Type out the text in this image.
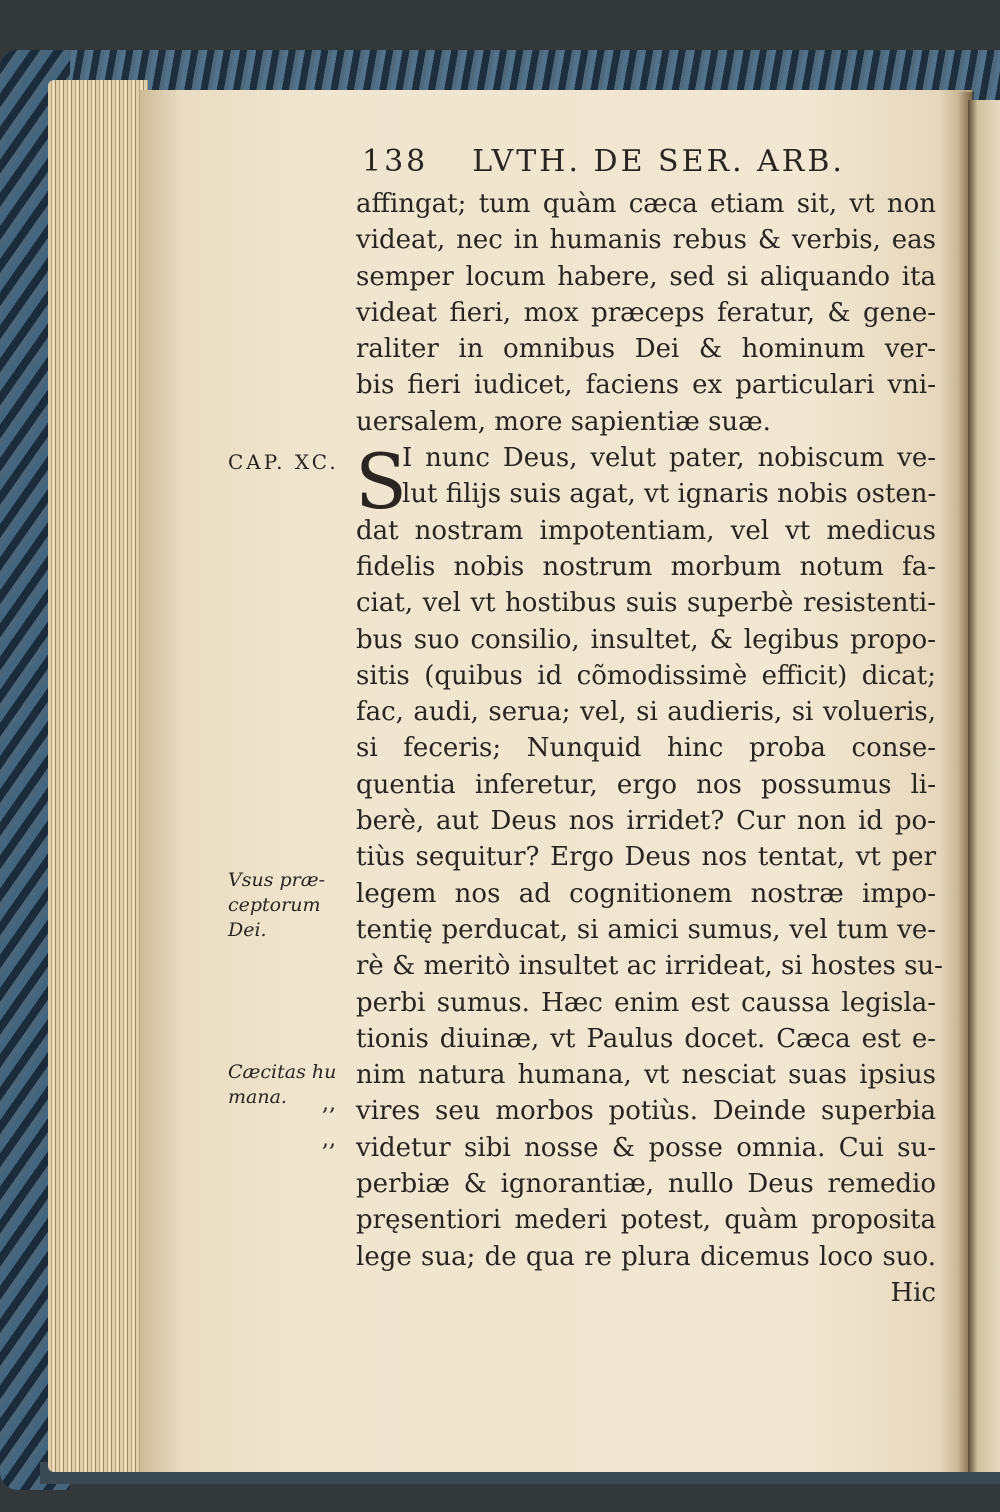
138 LVTH. DE SER. ARB.
CAP. XC. S
Vsus præ-
ceptorum
Dei.
Cæcitas hu
mana.	,,
,,
affingat; tum quàm cæca etiam sit, vt non
videat, nec in humanis rebus & verbis, eas
semper locum habere, sed si aliquando ita
videat fieri, mox præceps feratur, & gene-
raliter in omnibus Dei & hominum ver-
bis fieri iudicet, faciens ex particulari vni-
uersalem, more sapientiæ suæ.
I nunc Deus, velut pater, nobiscum ve-
lut filijs suis agat, vt ignaris nobis osten-
dat nostram impotentiam, vel vt medicus
fidelis nobis nostrum morbum notum fa-
ciat, vel vt hostibus suis superbè resistenti-
bus suo consilio, insultet, & legibus propo-
sitis (quibus id cõmodissimè efficit) dicat;
fac, audi, serua; vel, si audieris, si volueris,
si feceris; Nunquid hinc proba conse-
quentia inferetur, ergo nos possumus li-
berè, aut Deus nos irridet? Cur non id po-
tiùs sequitur? Ergo Deus nos tentat, vt per
legem nos ad cognitionem nostræ impo-
tentię perducat, si amici sumus, vel tum ve-
rè & meritò insultet ac irrideat, si hostes su-
perbi sumus. Hæc enim est caussa legisla-
tionis diuinæ, vt Paulus docet. Cæca est e-
nim natura humana, vt nesciat suas ipsius
vires seu morbos potiùs. Deinde superbia
videtur sibi nosse & posse omnia. Cui su-
perbiæ & ignorantiæ, nullo Deus remedio
pręsentiori mederi potest, quàm proposita
lege sua; de qua re plura dicemus loco suo.
Hic
